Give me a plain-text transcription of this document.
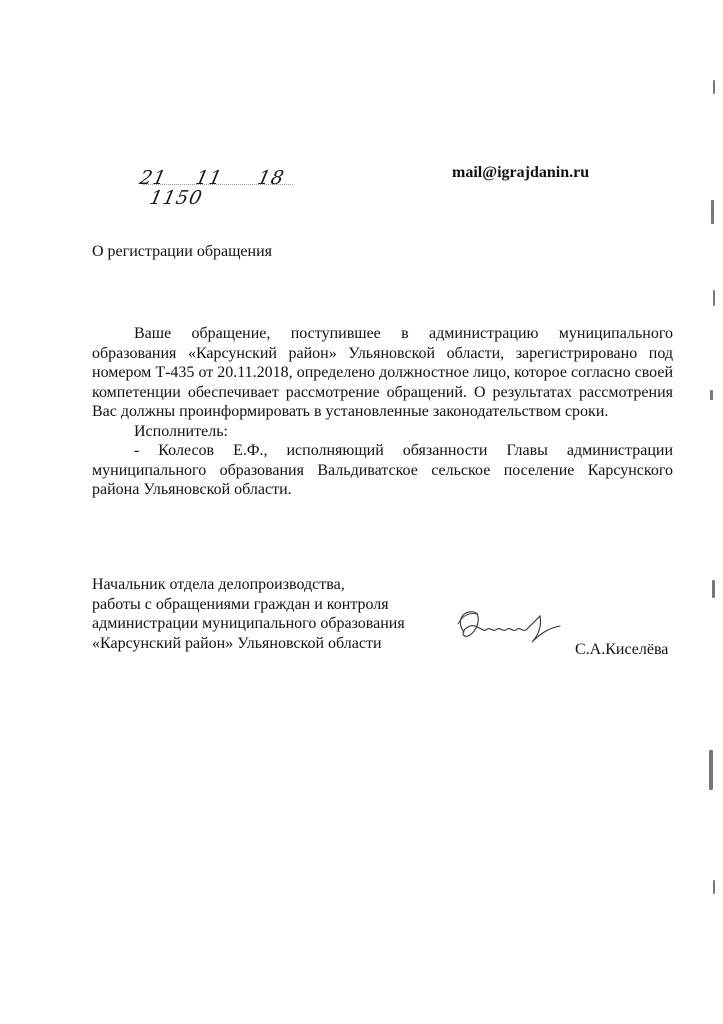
21 11 18
1150
mail@igrajdanin.ru
О регистрации обращения

Ваше обращение, поступившее в администрацию муниципального образования «Карсунский район» Ульяновской области, зарегистрировано под номером Т-435 от 20.11.2018, определено должностное лицо, которое согласно своей компетенции обеспечивает рассмотрение обращений. О результатах рассмотрения Вас должны проинформировать в установленные законодательством сроки.

Исполнитель:

- Колесов Е.Ф., исполняющий обязанности Главы администрации муниципального образования Вальдиватское сельское поселение Карсунского района Ульяновской области.

Начальник отдела делопроизводства,
работы с обращениями граждан и контроля
администрации муниципального образования
«Карсунский район» Ульяновской области	С.А.Киселёва
